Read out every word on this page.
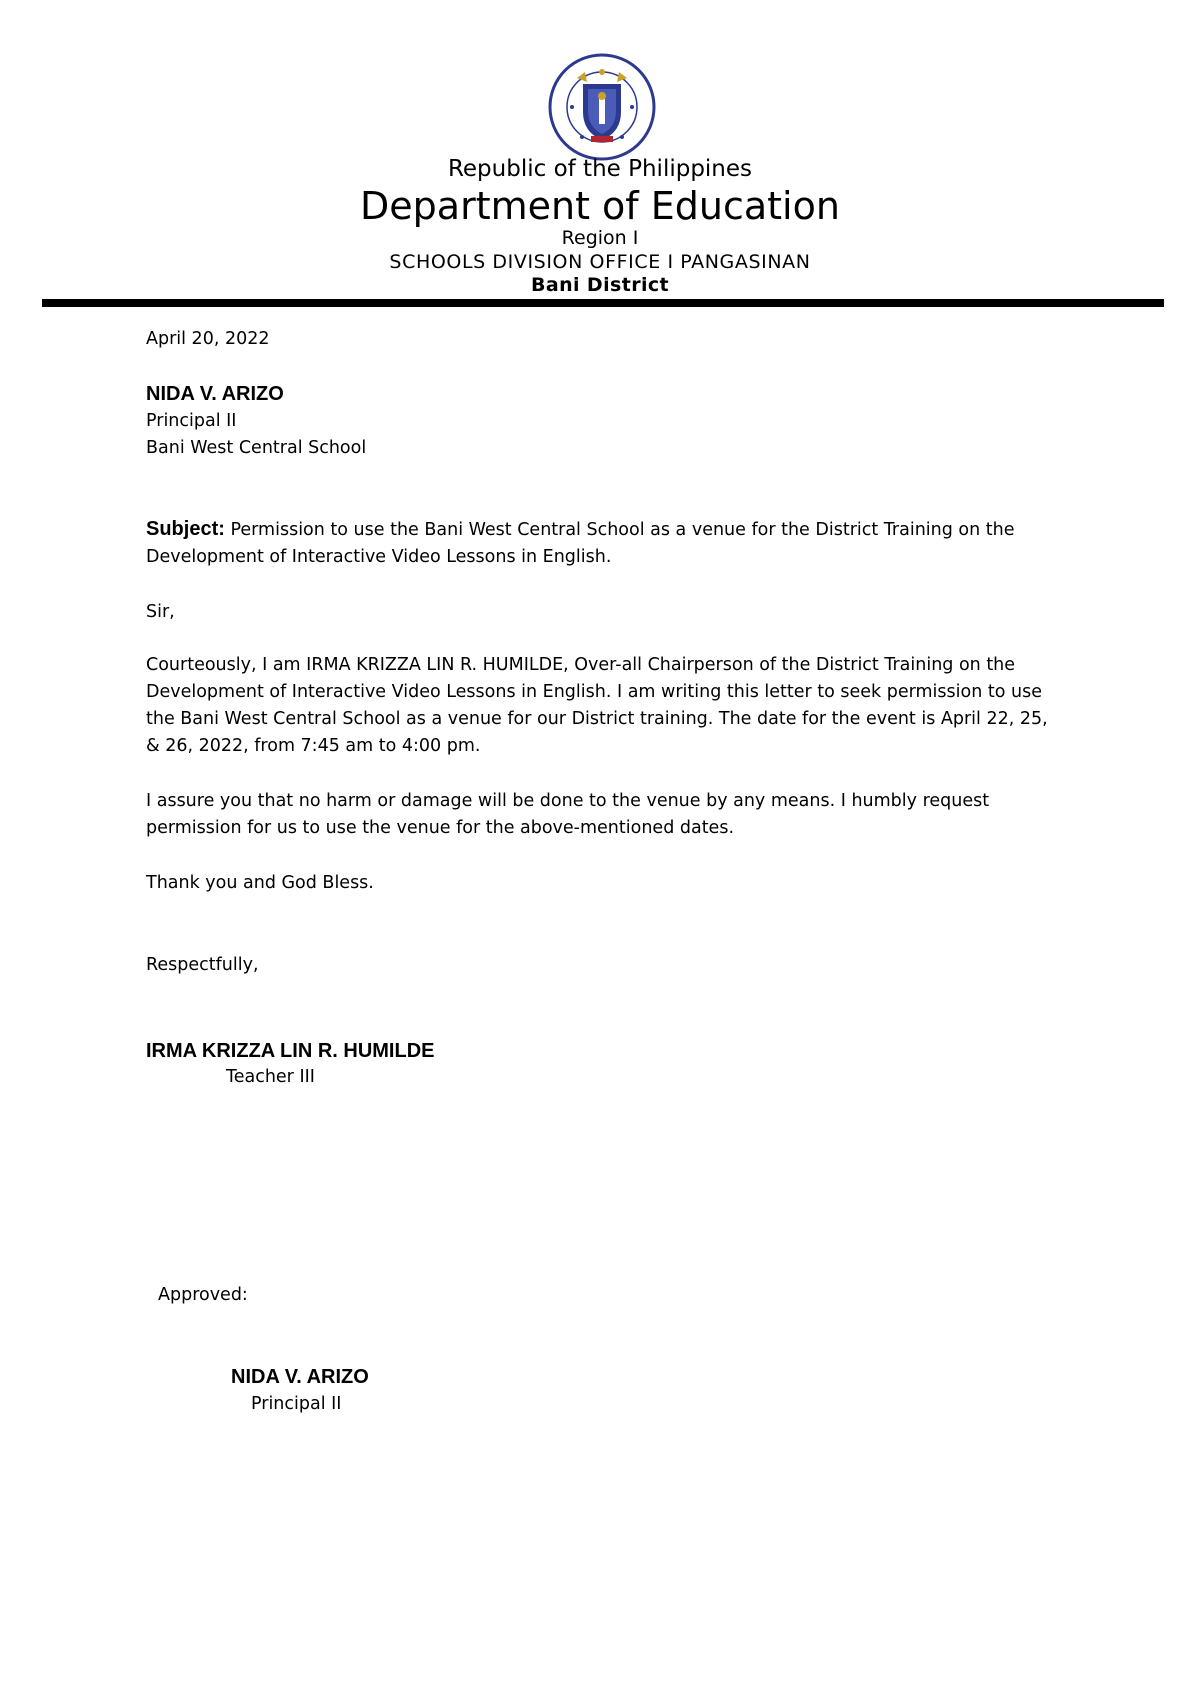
Republic of the Philippines
Department of Education
Region I
SCHOOLS DIVISION OFFICE I PANGASINAN
Bani District
April 20, 2022
NIDA V. ARIZO
Principal II
Bani West Central School
Subject: Permission to use the Bani West Central School as a venue for the District Training on the Development of Interactive Video Lessons in English.
Sir,
Courteously, I am IRMA KRIZZA LIN R. HUMILDE, Over-all Chairperson of the District Training on the Development of Interactive Video Lessons in English. I am writing this letter to seek permission to use the Bani West Central School as a venue for our District training. The date for the event is April 22, 25, & 26, 2022, from 7:45 am to 4:00 pm.
I assure you that no harm or damage will be done to the venue by any means. I humbly request permission for us to use the venue for the above-mentioned dates.
Thank you and God Bless.
Respectfully,
IRMA KRIZZA LIN R. HUMILDE
Teacher III
Approved:
NIDA V. ARIZO
Principal II
